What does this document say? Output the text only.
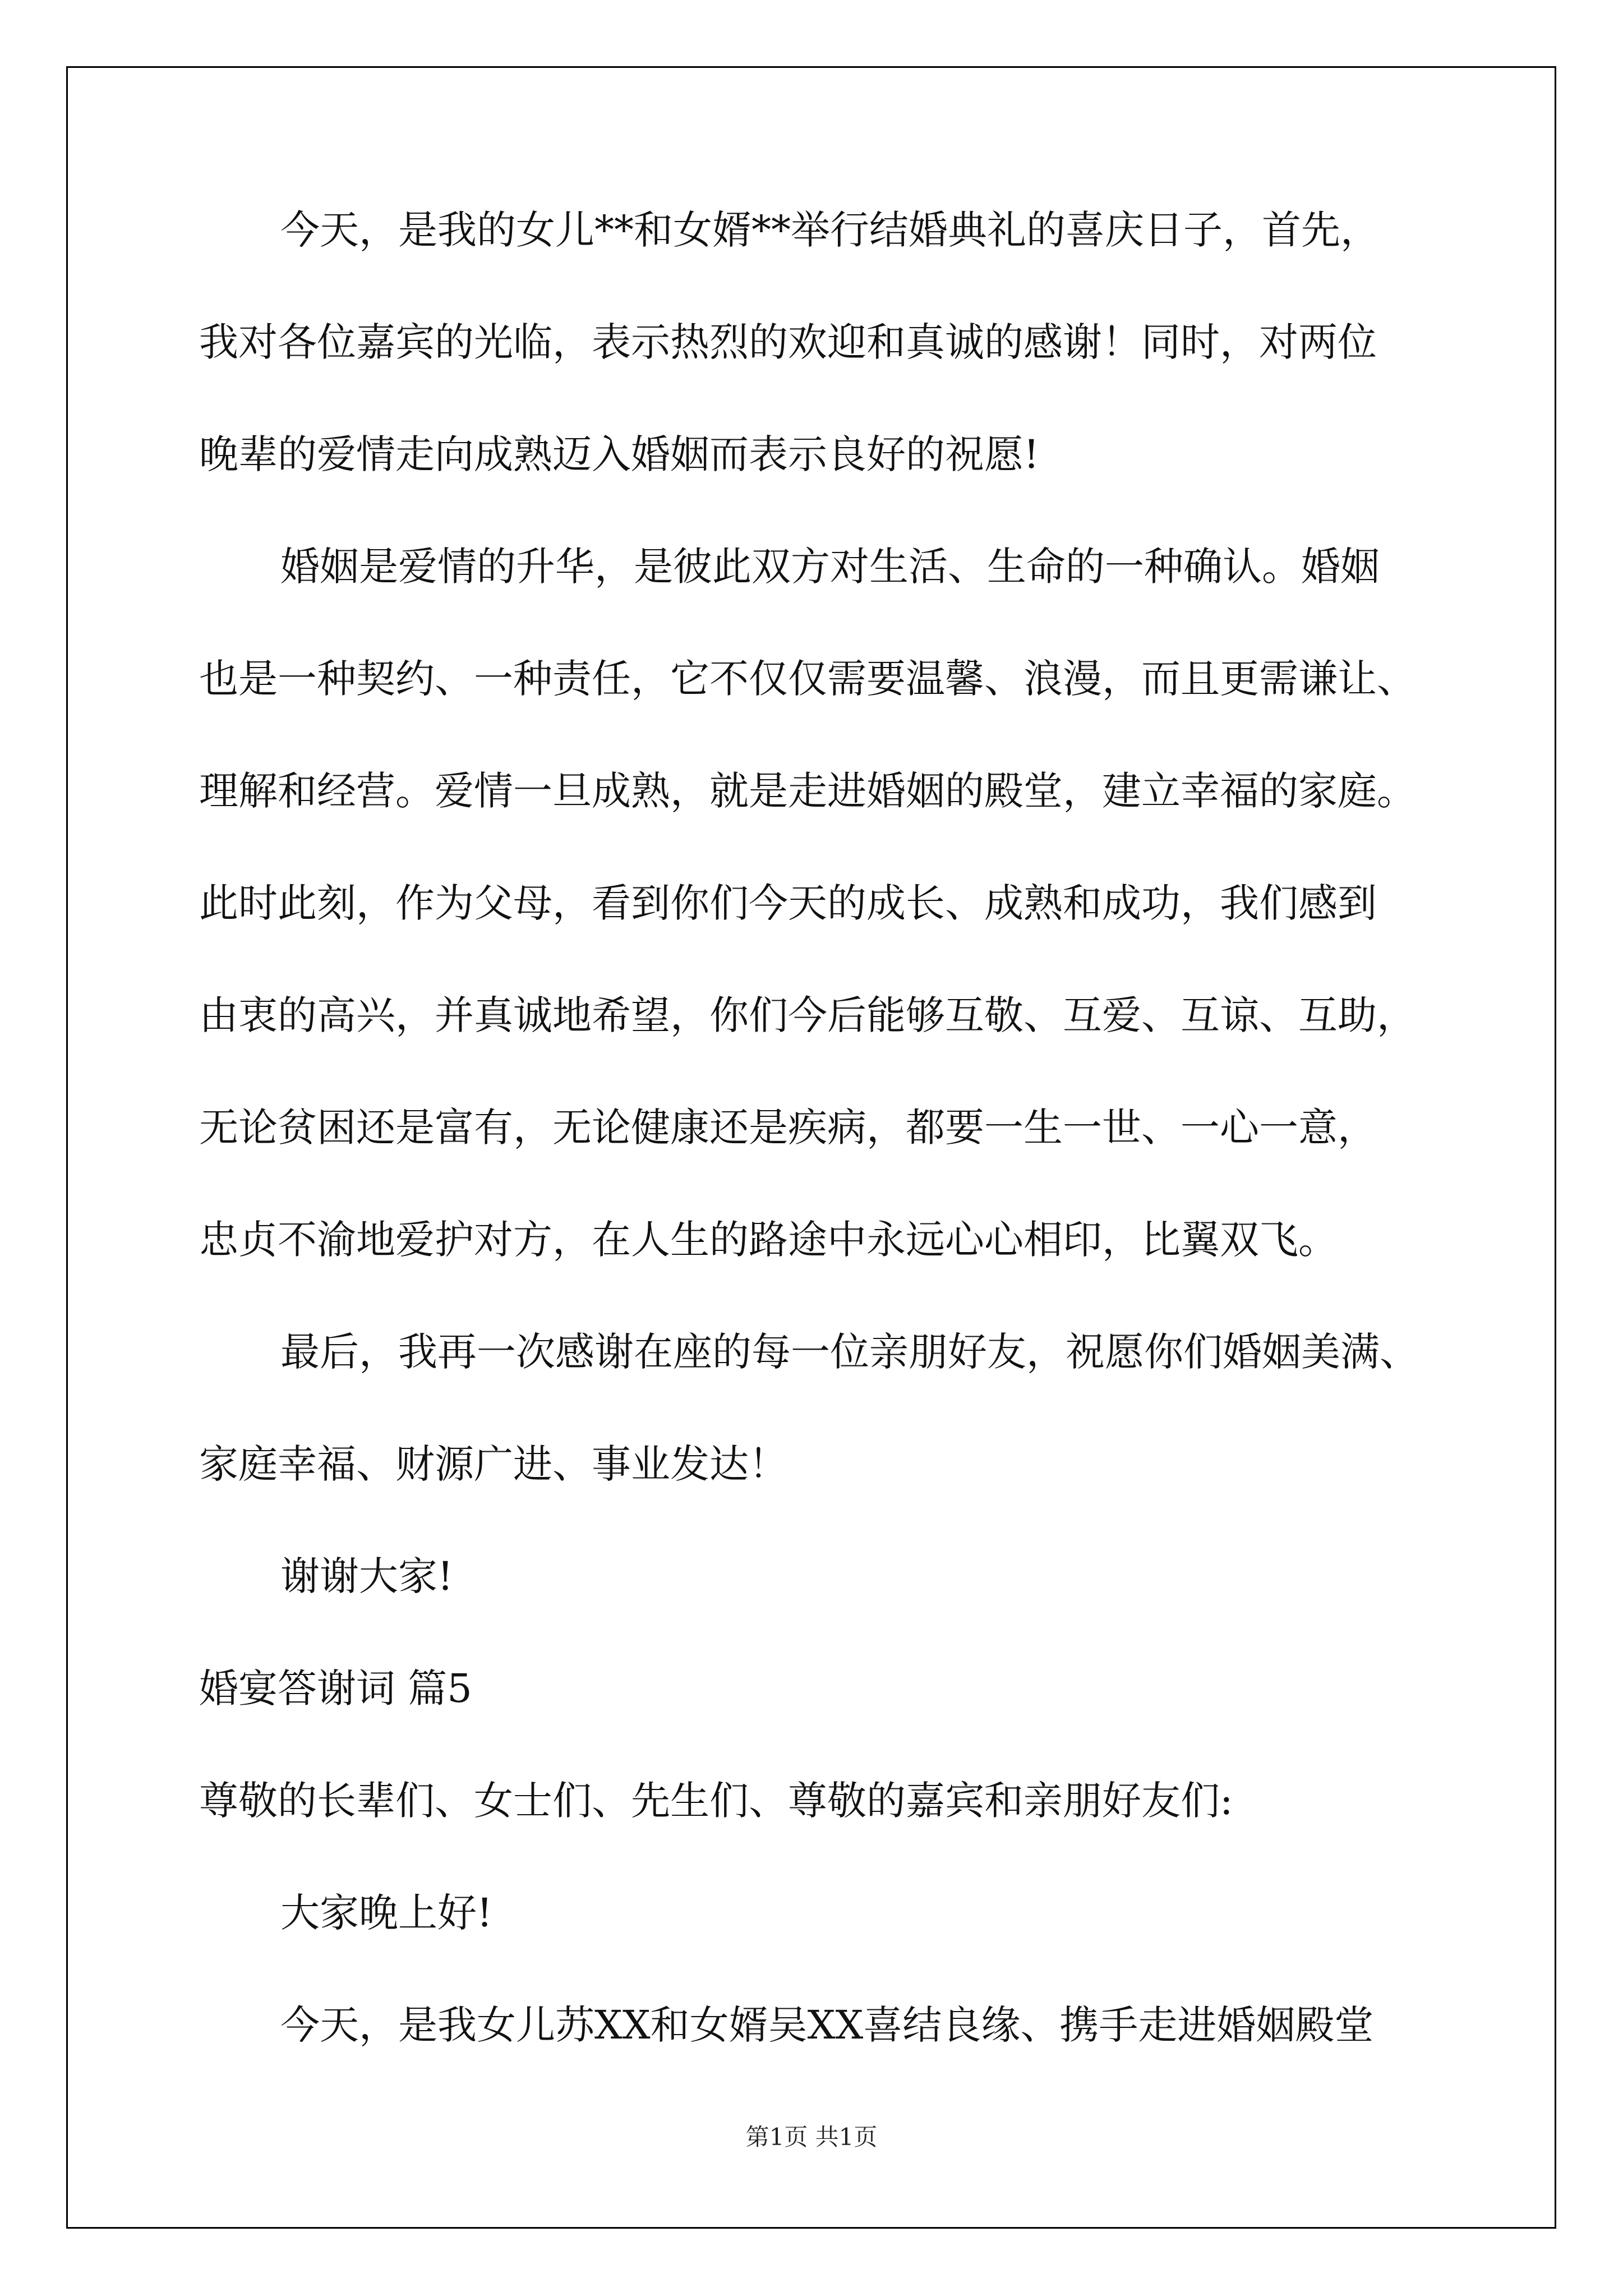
今天，是我的女儿**和女婿**举行结婚典礼的喜庆日子，首先，
我对各位嘉宾的光临，表示热烈的欢迎和真诚的感谢！同时，对两位
晚辈的爱情走向成熟迈入婚姻而表示良好的祝愿!
婚姻是爱情的升华，是彼此双方对生活、生命的一种确认。婚姻
也是一种契约、一种责任，它不仅仅需要温馨、浪漫，而且更需谦让、
理解和经营。爱情一旦成熟，就是走进婚姻的殿堂，建立幸福的家庭。
此时此刻，作为父母，看到你们今天的成长、成熟和成功，我们感到
由衷的高兴，并真诚地希望，你们今后能够互敬、互爱、互谅、互助，
无论贫困还是富有，无论健康还是疾病，都要一生一世、一心一意，
忠贞不渝地爱护对方，在人生的路途中永远心心相印，比翼双飞。
最后，我再一次感谢在座的每一位亲朋好友，祝愿你们婚姻美满、
家庭幸福、财源广进、事业发达！
谢谢大家!
婚宴答谢词 篇5
尊敬的长辈们、女士们、先生们、尊敬的嘉宾和亲朋好友们:
大家晚上好!
今天，是我女儿苏XX和女婿吴XX喜结良缘、携手走进婚姻殿堂
第1页 共1页
